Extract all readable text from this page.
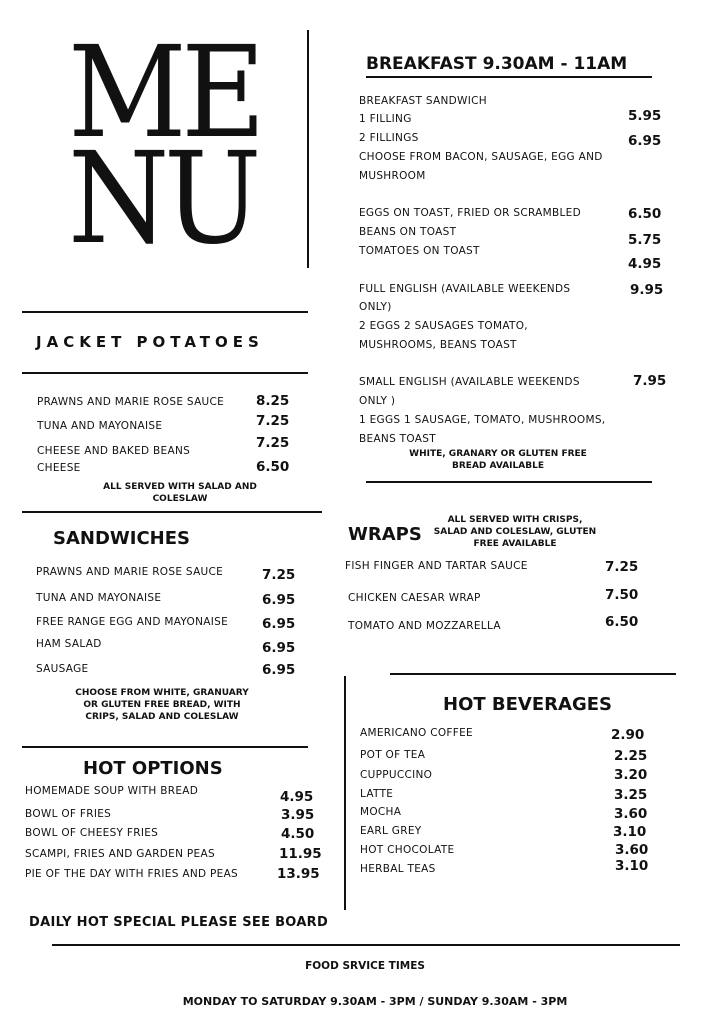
ME
NU
BREAKFAST 9.30AM - 11AM
BREAKFAST SANDWICH
1 FILLING
2 FILLINGS
CHOOSE FROM BACON, SAUSAGE, EGG AND
MUSHROOM
EGGS ON TOAST, FRIED OR SCRAMBLED
BEANS ON TOAST
TOMATOES ON TOAST
FULL ENGLISH (AVAILABLE WEEKENDS
ONLY)
2 EGGS 2 SAUSAGES TOMATO,
MUSHROOMS, BEANS TOAST
SMALL ENGLISH (AVAILABLE WEEKENDS
ONLY )
1 EGGS 1 SAUSAGE, TOMATO, MUSHROOMS,
BEANS TOAST
5.95
6.95
6.50
5.75
4.95
9.95
7.95
WHITE, GRANARY OR GLUTEN FREE BREAD AVAILABLE
JACKET POTATOES
PRAWNS AND MARIE ROSE SAUCE
TUNA AND MAYONAISE
CHEESE AND BAKED BEANS
CHEESE
8.25
7.25
7.25
6.50
ALL SERVED WITH SALAD AND COLESLAW
SANDWICHES
PRAWNS AND MARIE ROSE SAUCE
TUNA AND MAYONAISE
FREE RANGE EGG AND MAYONAISE
HAM SALAD
SAUSAGE
7.25
6.95
6.95
6.95
6.95
CHOOSE FROM WHITE, GRANUARY OR GLUTEN FREE BREAD, WITH CRIPS, SALAD AND COLESLAW
WRAPS
ALL SERVED WITH CRISPS, SALAD AND COLESLAW, GLUTEN FREE AVAILABLE
FISH FINGER AND TARTAR SAUCE
CHICKEN CAESAR WRAP
TOMATO AND MOZZARELLA
7.25
7.50
6.50
HOT OPTIONS
HOMEMADE SOUP WITH BREAD
BOWL OF FRIES
BOWL OF CHEESY FRIES
SCAMPI, FRIES AND GARDEN PEAS
PIE OF THE DAY WITH FRIES AND PEAS
4.95
3.95
4.50
11.95
13.95
HOT BEVERAGES
AMERICANO COFFEE
POT OF TEA
CUPPUCCINO
LATTE
MOCHA
EARL GREY
HOT CHOCOLATE
HERBAL TEAS
2.90
2.25
3.20
3.25
3.60
3.10
3.60
3.10
DAILY HOT SPECIAL PLEASE SEE BOARD
FOOD SRVICE TIMES
MONDAY TO SATURDAY 9.30AM - 3PM / SUNDAY 9.30AM - 3PM
